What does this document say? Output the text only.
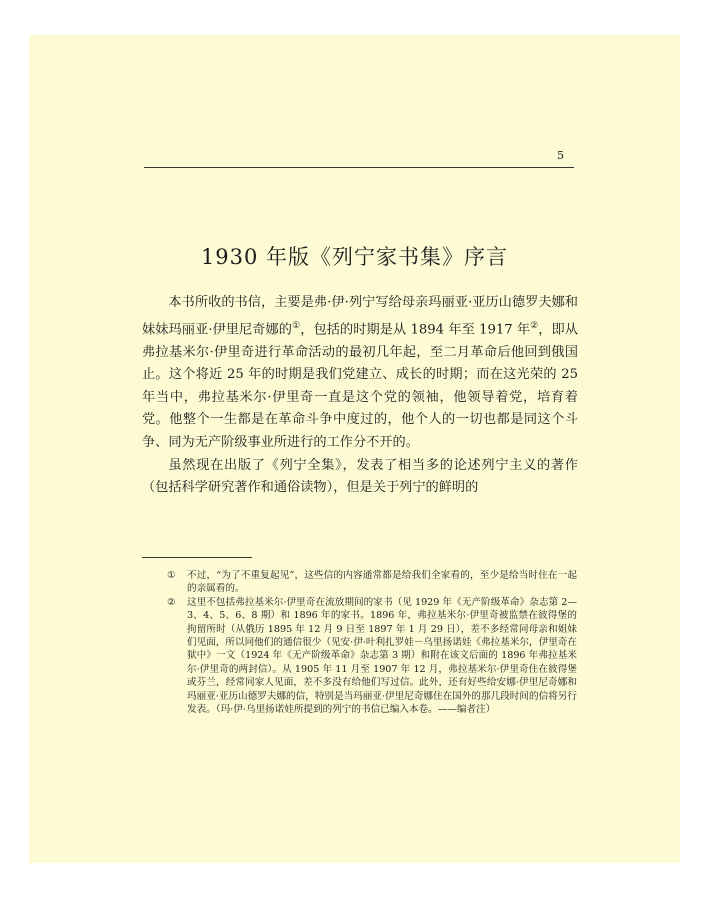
5
1930 年版《列宁家书集》序言

本书所收的书信，主要是弗·伊·列宁写给母亲玛丽亚·亚历山德罗夫娜和妹妹玛丽亚·伊里尼奇娜的①，包括的时期是从 1894 年至 1917 年②，即从弗拉基米尔·伊里奇进行革命活动的最初几年起，至二月革命后他回到俄国止。这个将近 25 年的时期是我们党建立、成长的时期；而在这光荣的 25 年当中，弗拉基米尔·伊里奇一直是这个党的领袖，他领导着党，培育着党。他整个一生都是在革命斗争中度过的，他个人的一切也都是同这个斗争、同为无产阶级事业所进行的工作分不开的。

虽然现在出版了《列宁全集》，发表了相当多的论述列宁主义的著作（包括科学研究著作和通俗读物），但是关于列宁的鲜明的

① 不过，“为了不重复起见”，这些信的内容通常都是给我们全家看的，至少是给当时住在一起的亲属看的。
② 这里不包括弗拉基米尔·伊里奇在流放期间的家书（见 1929 年《无产阶级革命》杂志第 2—3、4、5、6、8 期）和 1896 年的家书。1896 年，弗拉基米尔·伊里奇被监禁在彼得堡的拘留所时（从俄历 1895 年 12 月 9 日至 1897 年 1 月 29 日），差不多经常同母亲和姐妹们见面，所以同他们的通信很少（见安·伊·叶利扎罗娃－乌里扬诺娃《弗拉基米尔，伊里奇在狱中》一文（1924 年《无产阶级革命》杂志第 3 期）和附在该文后面的 1896 年弗拉基米尔·伊里奇的两封信）。从 1905 年 11 月至 1907 年 12 月，弗拉基米尔·伊里奇住在彼得堡或芬兰，经常同家人见面，差不多没有给他们写过信。此外，还有好些给安娜·伊里尼奇娜和玛丽亚·亚历山德罗夫娜的信，特别是当玛丽亚·伊里尼奇娜住在国外的那几段时间的信将另行发表。（玛·伊·乌里扬诺娃所提到的列宁的书信已编入本卷。——编者注）
